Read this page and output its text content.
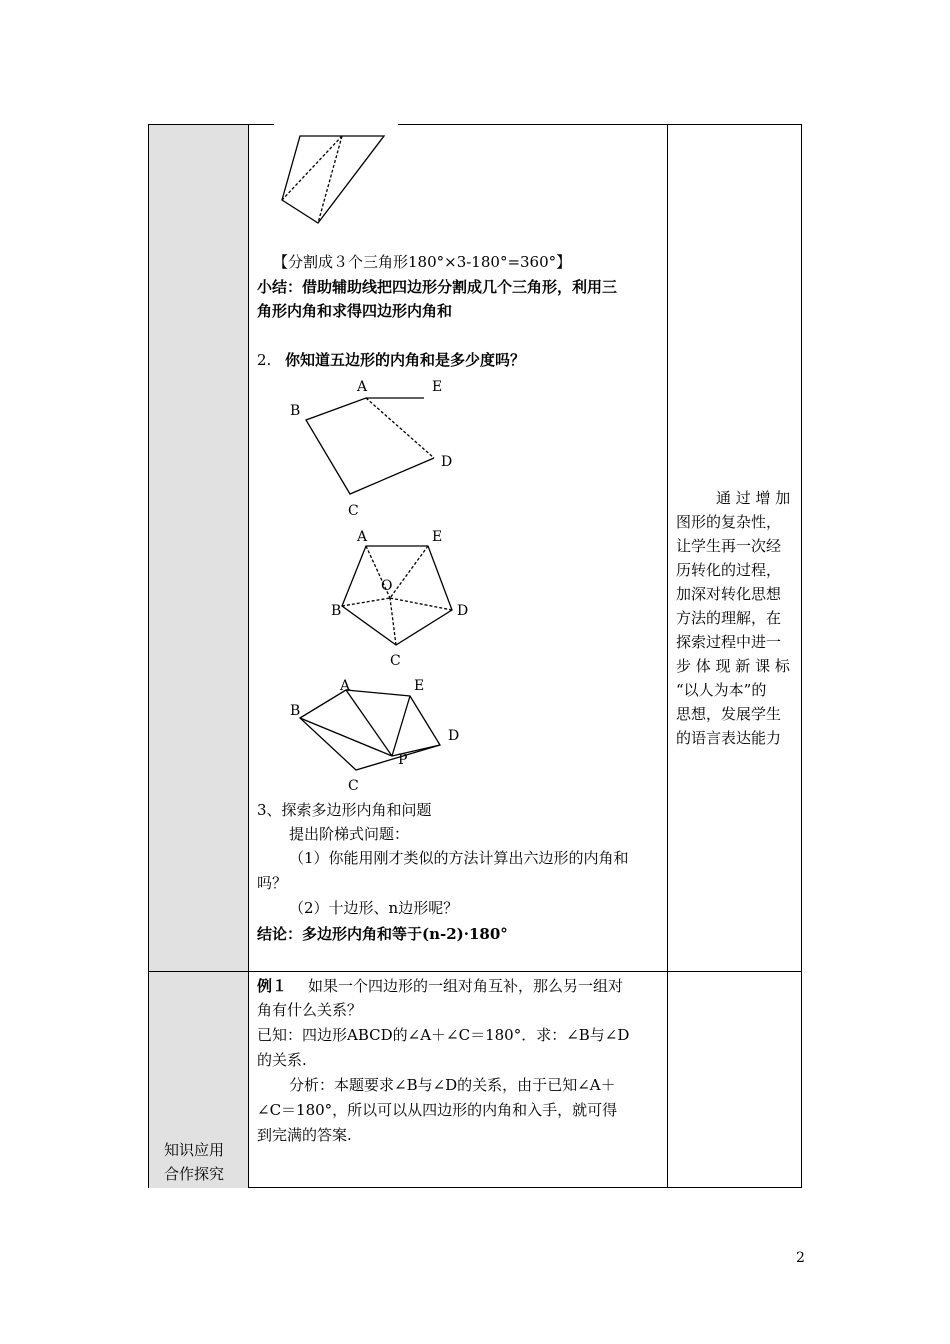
A	E
B
D
C
A	E
O
B	D
C
A	E
B
D
P
C
【分割成３个三角形180°×3-180°=360°】
小结：借助辅助线把四边形分割成几个三角形，利用三
角形内角和求得四边形内角和
2. 你知道五边形的内角和是多少度吗？
3、探索多边形内角和问题
提出阶梯式问题：
（1）你能用刚才类似的方法计算出六边形的内角和
吗？
（2）十边形、n边形呢？
结论：多边形内角和等于(n-2)·180°
通 过 增 加
图形的复杂性，
让学生再一次经
历转化的过程，
加深对转化思想
方法的理解，在
探索过程中进一
步 体 现 新 课 标
“以人为本”的
思想，发展学生
的语言表达能力
知识应用
合作探究
例１ 如果一个四边形的一组对角互补，那么另一组对
角有什么关系？
已知：四边形ABCD的∠A＋∠C＝180°．求：∠B与∠D
的关系.
分析：本题要求∠B与∠D的关系，由于已知∠A＋
∠C＝180°，所以可以从四边形的内角和入手，就可得
到完满的答案.
2
